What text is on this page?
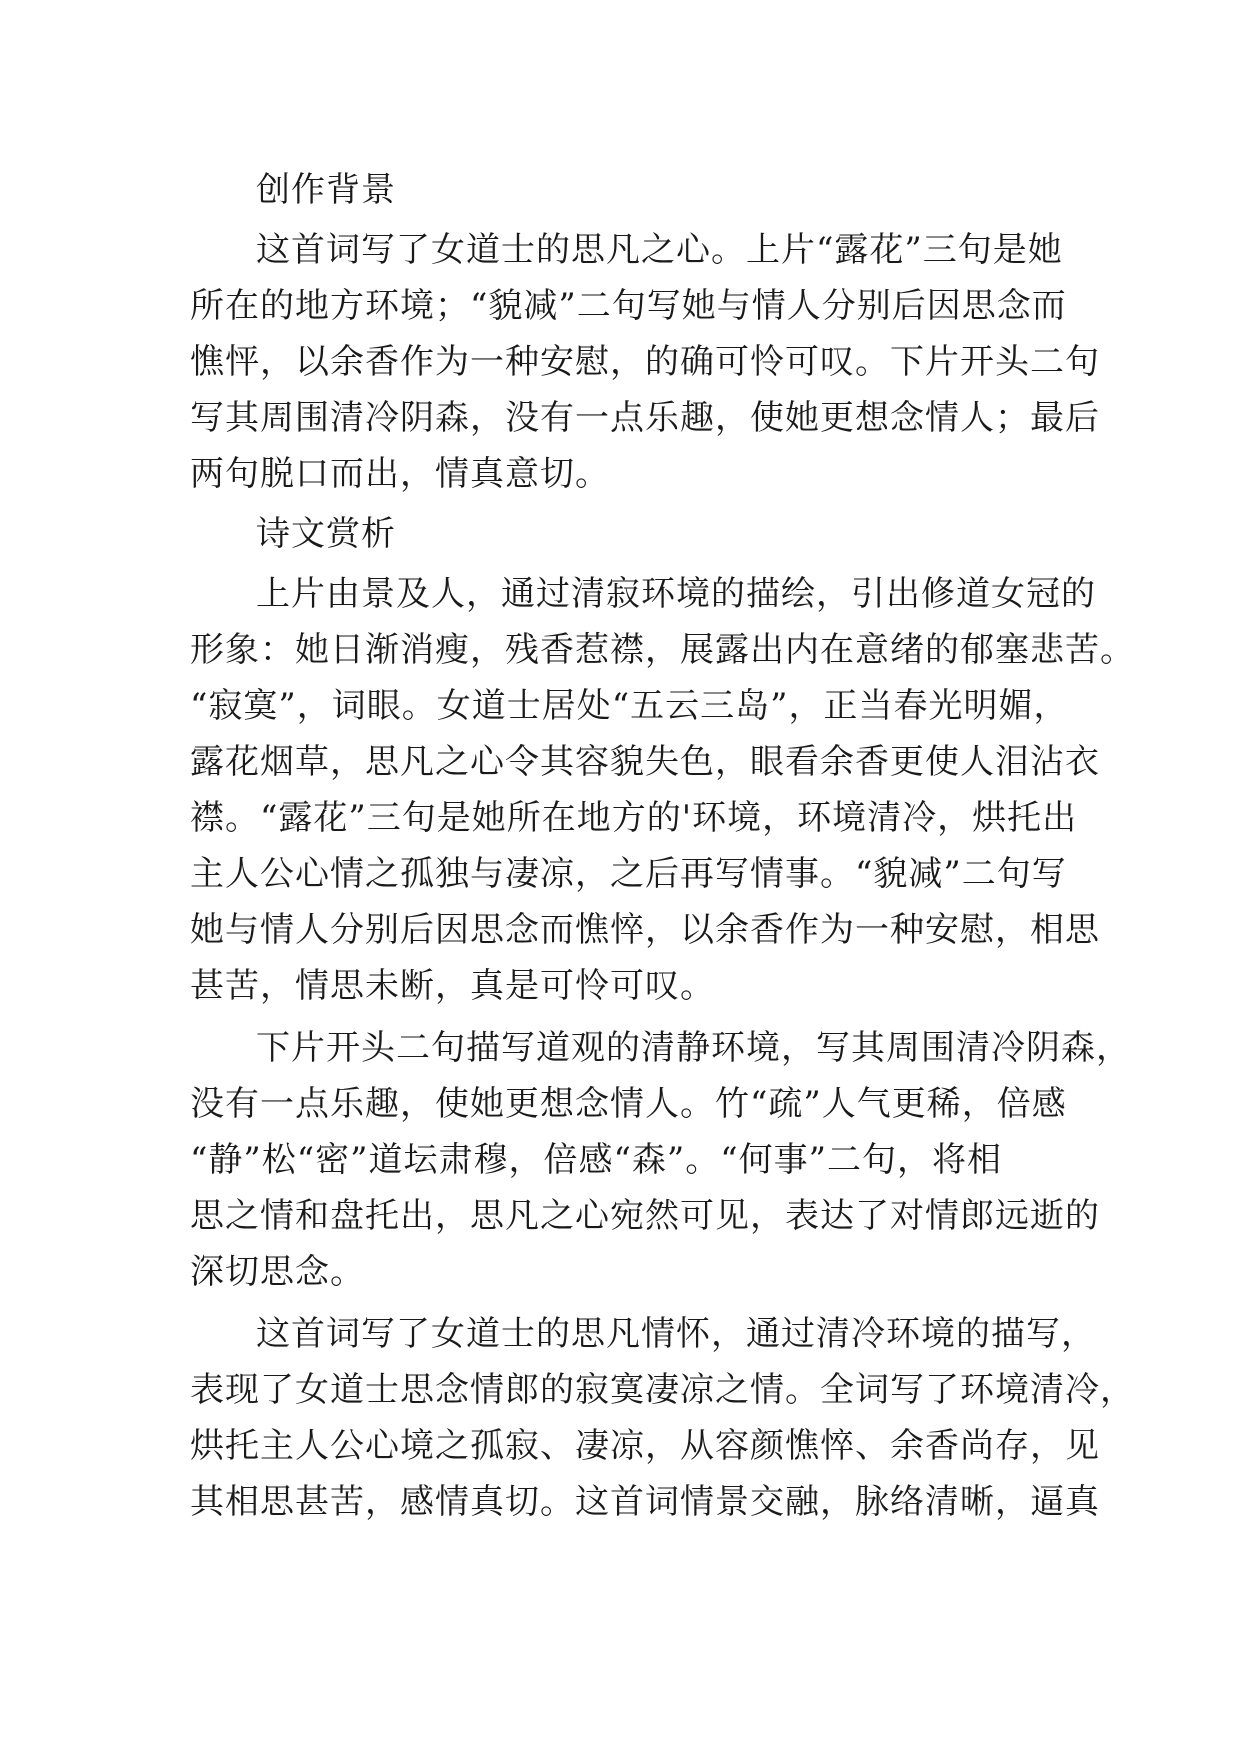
创作背景
这首词写了女道士的思凡之心。上片“露花”三句是她
所在的地方环境；“貌减”二句写她与情人分别后因思念而
憔怦，以余香作为一种安慰，的确可怜可叹。下片开头二句
写其周围清冷阴森，没有一点乐趣，使她更想念情人；最后
两句脱口而出，情真意切。
诗文赏析
上片由景及人，通过清寂环境的描绘，引出修道女冠的
形象：她日渐消瘦，残香惹襟，展露出内在意绪的郁塞悲苦。
“寂寞”，词眼。女道士居处“五云三岛”，正当春光明媚，
露花烟草，思凡之心令其容貌失色，眼看余香更使人泪沾衣
襟。“露花”三句是她所在地方的'环境，环境清冷，烘托出
主人公心情之孤独与凄凉，之后再写情事。“貌减”二句写
她与情人分别后因思念而憔悴，以余香作为一种安慰，相思
甚苦，情思未断，真是可怜可叹。
下片开头二句描写道观的清静环境，写其周围清冷阴森，
没有一点乐趣，使她更想念情人。竹“疏”人气更稀，倍感
“静”松“密”道坛肃穆，倍感“森”。“何事”二句，将相
思之情和盘托出，思凡之心宛然可见，表达了对情郎远逝的
深切思念。
这首词写了女道士的思凡情怀，通过清冷环境的描写，
表现了女道士思念情郎的寂寞凄凉之情。全词写了环境清冷，
烘托主人公心境之孤寂、凄凉，从容颜憔悴、余香尚存，见
其相思甚苦，感情真切。这首词情景交融，脉络清晰，逼真
